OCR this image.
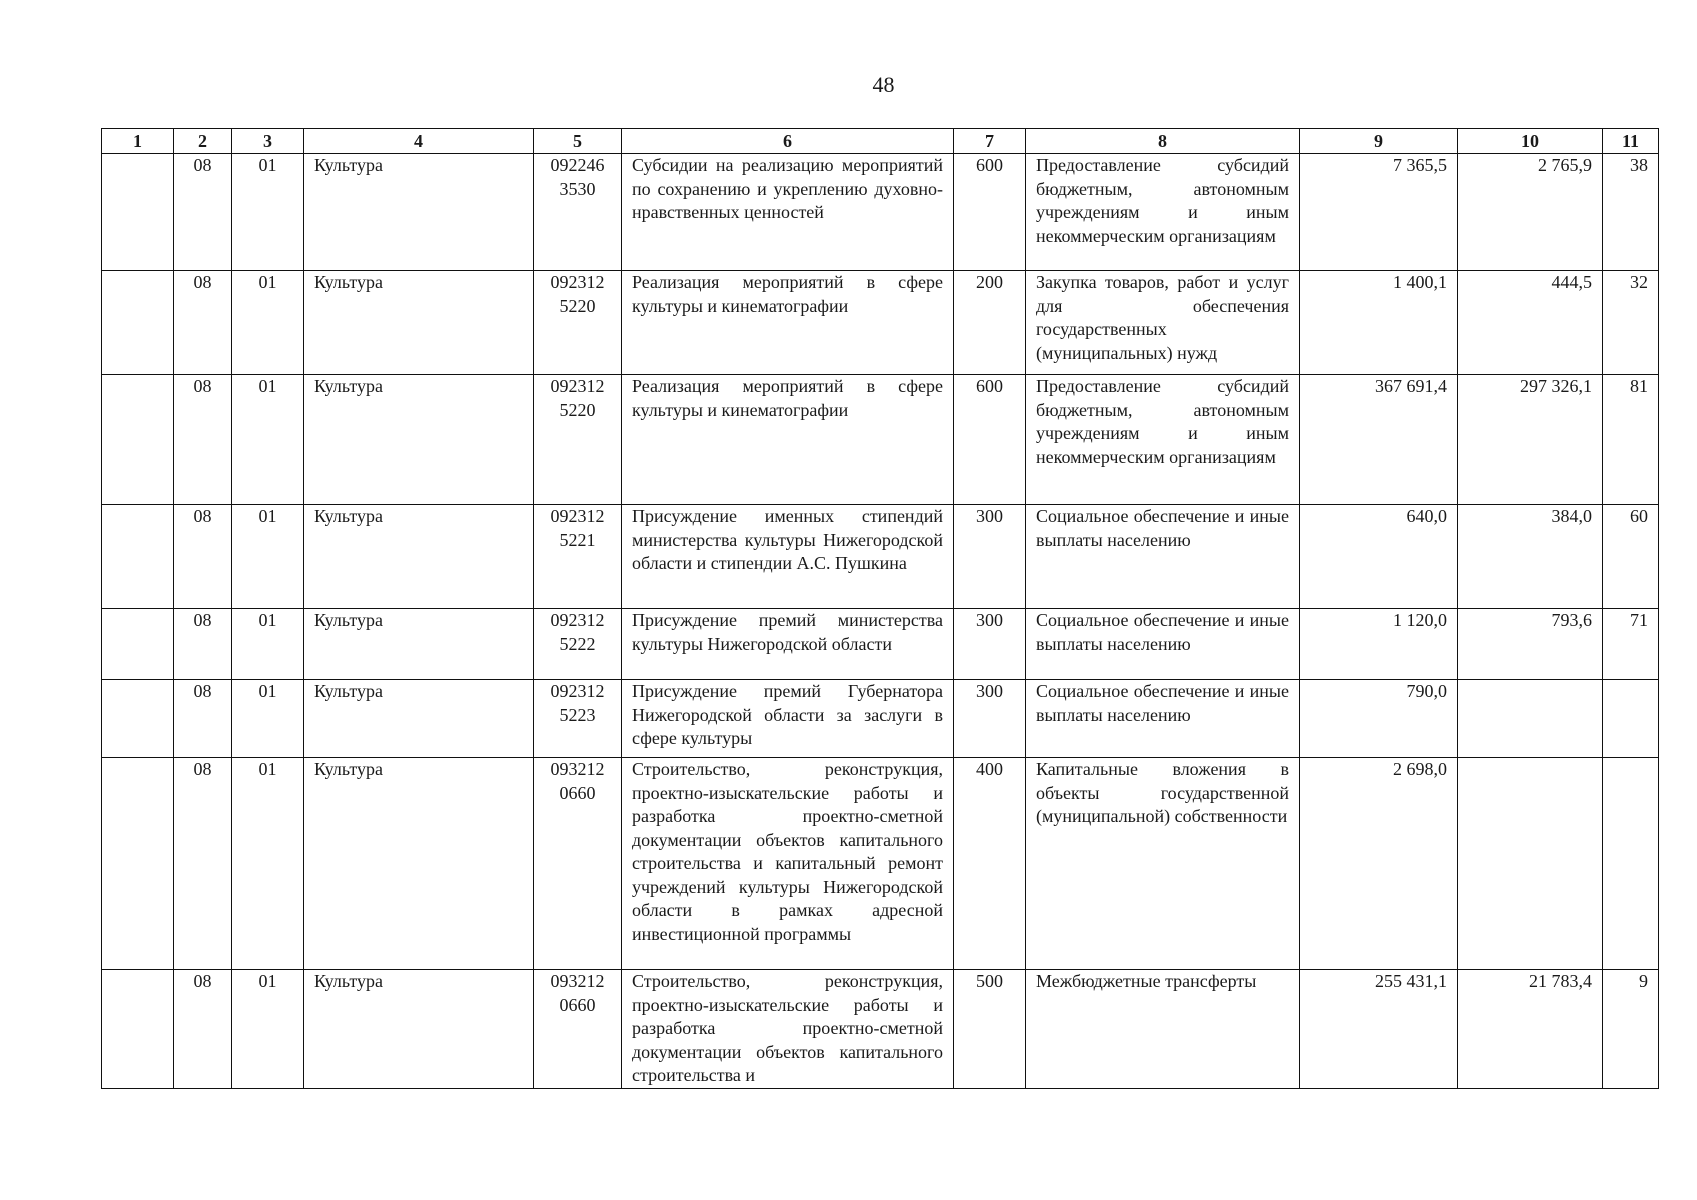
48
1	2	3	4	5	6	7	8	9	10	11
	08	01	Культура	092246 3530	Субсидии на реализацию мероприятий по сохранению и укреплению духовно-нравственных ценностей	600	Предоставление субсидий бюджетным, автономным учреждениям и иным некоммерческим организациям	7 365,5	2 765,9	38
	08	01	Культура	092312 5220	Реализация мероприятий в сфере культуры и кинематографии	200	Закупка товаров, работ и услуг для обеспечения государственных (муниципальных) нужд	1 400,1	444,5	32
	08	01	Культура	092312 5220	Реализация мероприятий в сфере культуры и кинематографии	600	Предоставление субсидий бюджетным, автономным учреждениям и иным некоммерческим организациям	367 691,4	297 326,1	81
	08	01	Культура	092312 5221	Присуждение именных стипендий министерства культуры Нижегородской области и стипендии А.С. Пушкина	300	Социальное обеспечение и иные выплаты населению	640,0	384,0	60
	08	01	Культура	092312 5222	Присуждение премий министерства культуры Нижегородской области	300	Социальное обеспечение и иные выплаты населению	1 120,0	793,6	71
	08	01	Культура	092312 5223	Присуждение премий Губернатора Нижегородской области за заслуги в сфере культуры	300	Социальное обеспечение и иные выплаты населению	790,0		
	08	01	Культура	093212 0660	Строительство, реконструкция, проектно-изыскательские работы и разработка проектно-сметной документации объектов капитального строительства и капитальный ремонт учреждений культуры Нижегородской области в рамках адресной инвестиционной программы	400	Капитальные вложения в объекты государственной (муниципальной) собственности	2 698,0		
	08	01	Культура	093212 0660	Строительство, реконструкция, проектно-изыскательские работы и разработка проектно-сметной документации объектов капитального строительства и	500	Межбюджетные трансферты	255 431,1	21 783,4	9
